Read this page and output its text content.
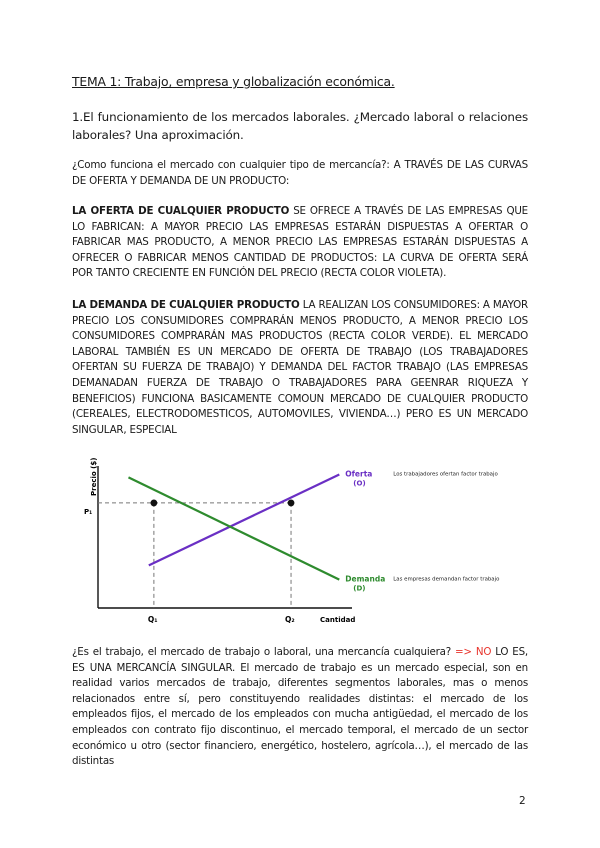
TEMA 1: Trabajo, empresa y globalización económica.
1.El funcionamiento de los mercados laborales. ¿Mercado laboral o relaciones laborales? Una aproximación.
¿Como funciona el mercado con cualquier tipo de mercancía?: A TRAVÉS DE LAS CURVAS DE OFERTA Y DEMANDA DE UN PRODUCTO:
LA OFERTA DE CUALQUIER PRODUCTO SE OFRECE A TRAVÉS DE LAS EMPRESAS QUE LO FABRICAN: A MAYOR PRECIO LAS EMPRESAS ESTARÁN DISPUESTAS A OFERTAR O FABRICAR MAS PRODUCTO, A MENOR PRECIO LAS EMPRESAS ESTARÁN DISPUESTAS A OFRECER O FABRICAR MENOS CANTIDAD DE PRODUCTOS: LA CURVA DE OFERTA SERÁ POR TANTO CRECIENTE EN FUNCIÓN DEL PRECIO (RECTA COLOR VIOLETA).
LA DEMANDA DE CUALQUIER PRODUCTO LA REALIZAN LOS CONSUMIDORES: A MAYOR PRECIO LOS CONSUMIDORES COMPRARÁN MENOS PRODUCTO, A MENOR PRECIO LOS CONSUMIDORES COMPRARÁN MAS PRODUCTOS (RECTA COLOR VERDE). EL MERCADO LABORAL TAMBIÉN ES UN MERCADO DE OFERTA DE TRABAJO (LOS TRABAJADORES OFERTAN SU FUERZA DE TRABAJO) Y DEMANDA DEL FACTOR TRABAJO (LAS EMPRESAS DEMANADAN FUERZA DE TRABAJO O TRABAJADORES PARA GEENRAR RIQUEZA Y BENEFICIOS) FUNCIONA BASICAMENTE COMOUN MERCADO DE CUALQUIER PRODUCTO (CEREALES, ELECTRODOMESTICOS, AUTOMOVILES, VIVIENDA…) PERO ES UN MERCADO SINGULAR, ESPECIAL
Precio ($)
Cantidad
P₁
Q₁	Q₂
Oferta
(O)
Los trabajadores ofertan factor trabajo
Demanda
(D)
Las empresas demandan factor trabajo
¿Es el trabajo, el mercado de trabajo o laboral, una mercancía cualquiera? => NO LO ES, ES UNA MERCANCÍA SINGULAR. El mercado de trabajo es un mercado especial, son en realidad varios mercados de trabajo, diferentes segmentos laborales, mas o menos relacionados entre sí, pero constituyendo realidades distintas: el mercado de los empleados fijos, el mercado de los empleados con mucha antigüedad, el mercado de los empleados con contrato fijo discontinuo, el mercado temporal, el mercado de un sector económico u otro (sector financiero, energético, hostelero, agrícola…), el mercado de las distintas
2
